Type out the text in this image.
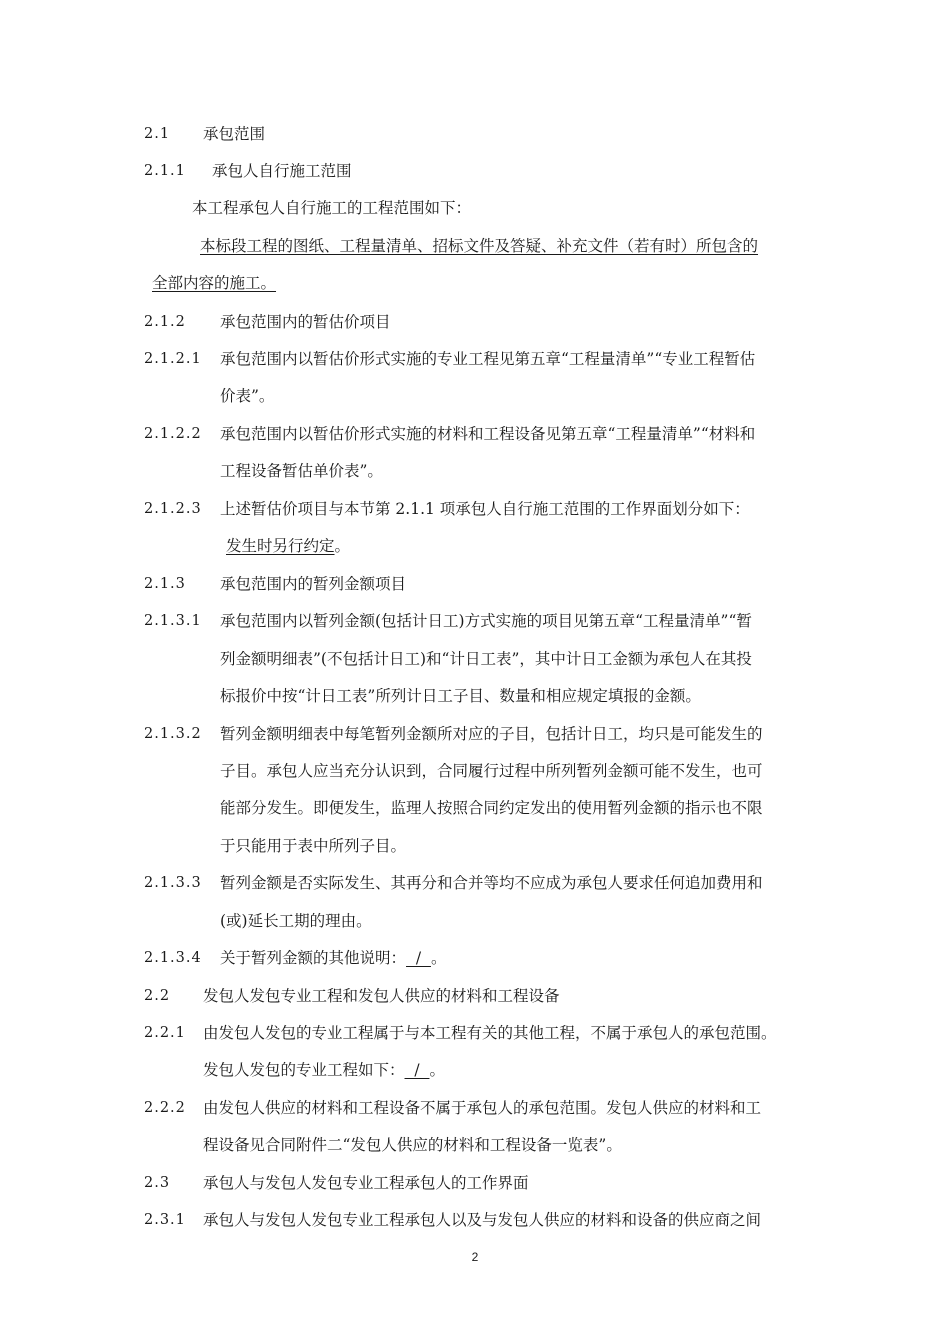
2.1 承包范围
2.1.1 承包人自行施工范围
本工程承包人自行施工的工程范围如下：
本标段工程的图纸、工程量清单、招标文件及答疑、补充文件（若有时）所包含的
全部内容的施工。
2.1.2 承包范围内的暂估价项目
2.1.2.1 承包范围内以暂估价形式实施的专业工程见第五章“工程量清单”“专业工程暂估
价表”。
2.1.2.2 承包范围内以暂估价形式实施的材料和工程设备见第五章“工程量清单”“材料和
工程设备暂估单价表”。
2.1.2.3 上述暂估价项目与本节第 2.1.1 项承包人自行施工范围的工作界面划分如下：
发生时另行约定。
2.1.3 承包范围内的暂列金额项目
2.1.3.1 承包范围内以暂列金额(包括计日工)方式实施的项目见第五章“工程量清单”“暂
列金额明细表”(不包括计日工)和“计日工表”，其中计日工金额为承包人在其投
标报价中按“计日工表”所列计日工子目、数量和相应规定填报的金额。
2.1.3.2 暂列金额明细表中每笔暂列金额所对应的子目，包括计日工，均只是可能发生的
子目。承包人应当充分认识到，合同履行过程中所列暂列金额可能不发生，也可
能部分发生。即便发生，监理人按照合同约定发出的使用暂列金额的指示也不限
于只能用于表中所列子目。
2.1.3.3 暂列金额是否实际发生、其再分和合并等均不应成为承包人要求任何追加费用和
(或)延长工期的理由。
2.1.3.4 关于暂列金额的其他说明：  /  。
2.2 发包人发包专业工程和发包人供应的材料和工程设备
2.2.1 由发包人发包的专业工程属于与本工程有关的其他工程，不属于承包人的承包范围。
发包人发包的专业工程如下：  /  。
2.2.2 由发包人供应的材料和工程设备不属于承包人的承包范围。发包人供应的材料和工
程设备见合同附件二“发包人供应的材料和工程设备一览表”。
2.3 承包人与发包人发包专业工程承包人的工作界面
2.3.1 承包人与发包人发包专业工程承包人以及与发包人供应的材料和设备的供应商之间
2
